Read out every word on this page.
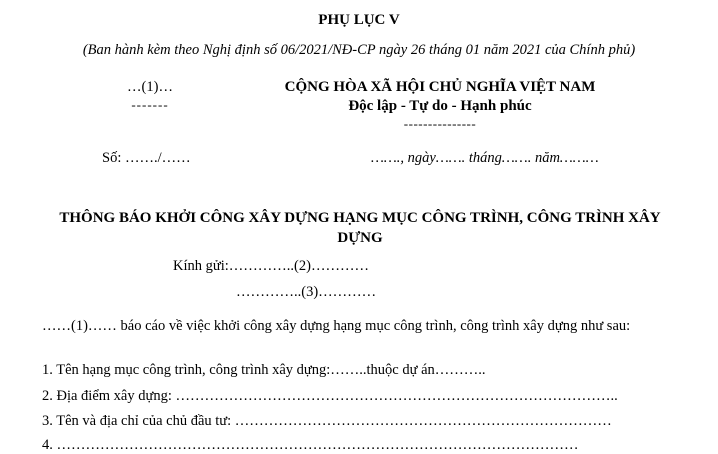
PHỤ LỤC V
(Ban hành kèm theo Nghị định số 06/2021/NĐ-CP ngày 26 tháng 01 năm 2021 của Chính phủ)
…(1)…
-------
CỘNG HÒA XÃ HỘI CHỦ NGHĨA VIỆT NAM
Độc lập - Tự do - Hạnh phúc
---------------
Số: ……./……	……., ngày……. tháng……. năm………
THÔNG BÁO KHỞI CÔNG XÂY DỰNG HẠNG MỤC CÔNG TRÌNH, CÔNG TRÌNH XÂY DỰNG
Kính gửi:…………..(2)…………
…………..(3)…………
……(1)…… báo cáo về việc khởi công xây dựng hạng mục công trình, công trình xây dựng như sau:
1. Tên hạng mục công trình, công trình xây dựng:……..thuộc dự án………..
2. Địa điểm xây dựng: ………………………………………………………………………………..
3. Tên và địa chỉ của chủ đầu tư: ……………………………………………………………………
4. ………………………………………………………………………………………………
